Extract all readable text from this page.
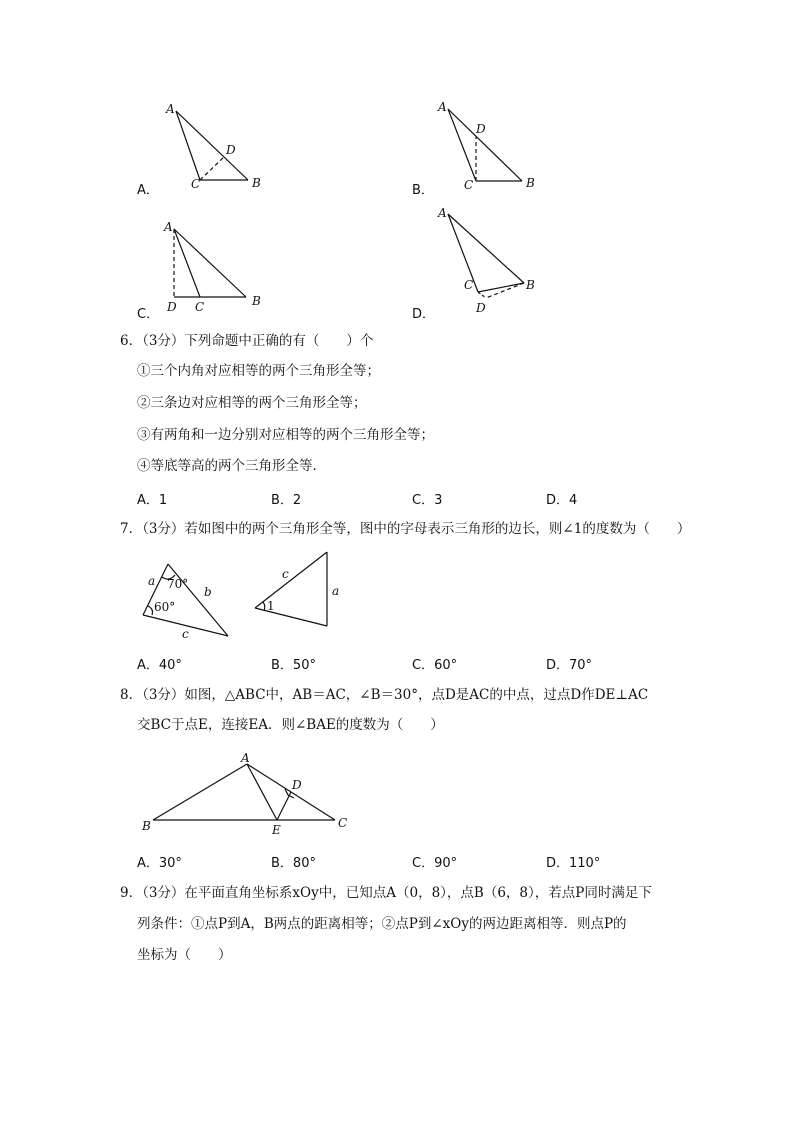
A
D
C	B
A．
A
D
C	B
B．
A
D C	B
C．
A
C	B
D
D．
6．（3分）下列命题中正确的有（　　）个
①三个内角对应相等的两个三角形全等；
②三条边对应相等的两个三角形全等；
③有两角和一边分别对应相等的两个三角形全等；
④等底等高的两个三角形全等．
A．1	B．2	C．3	D．4
7．（3分）若如图中的两个三角形全等，图中的字母表示三角形的边长，则∠1的度数为（　　）
a 70°
b
60°
c
c
a
1
A．40°	B．50°	C．60°	D．70°
8．（3分）如图，△ABC中，AB＝AC，∠B＝30°，点D是AC的中点，过点D作DE⊥AC
交BC于点E，连接EA．则∠BAE的度数为（　　）
A
D
B	E	C
A．30°	B．80°	C．90°	D．110°
9．（3分）在平面直角坐标系xOy中，已知点A（0，8），点B（6，8），若点P同时满足下
列条件：①点P到A，B两点的距离相等；②点P到∠xOy的两边距离相等．则点P的
坐标为（　　）
